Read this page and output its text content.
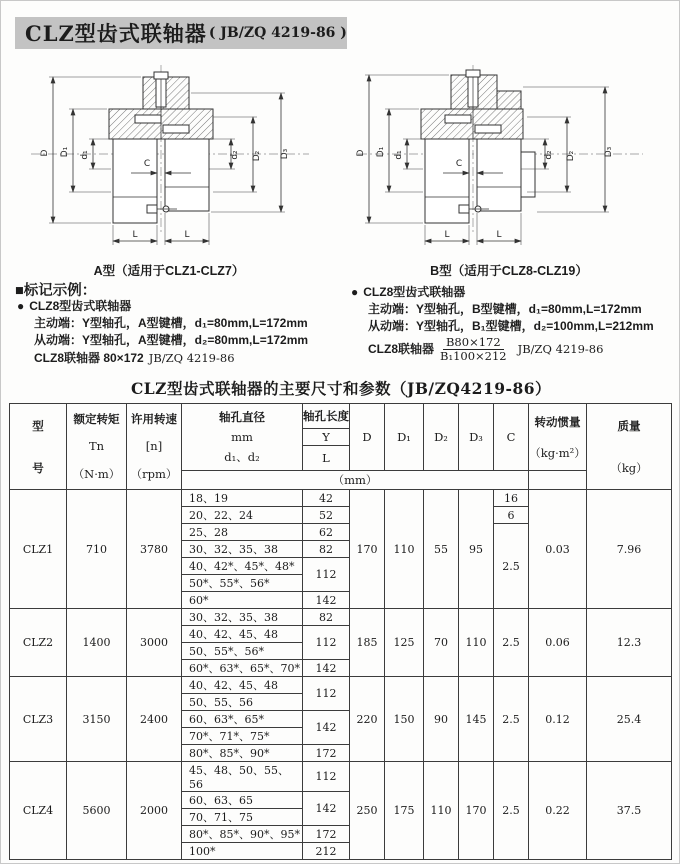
CLZ型齿式联轴器 ( JB/ZQ 4219-86 )
D D₁ d₁
C
d₂ D₂ D₃
L	L
A型（适用于CLZ1-CLZ7）
D D₁ d₁
C
d₂ D₂	D₃
L	L
B型（适用于CLZ8-CLZ19）
■标记示例：
● CLZ8型齿式联轴器
主动端：Y型轴孔，A型键槽，d₁=80mm,L=172mm
从动端：Y型轴孔，A型键槽，d₂=80mm,L=172mm
CLZ8联轴器 80×172 JB/ZQ 4219-86
● CLZ8型齿式联轴器
主动端：Y型轴孔，B型键槽，d₁=80mm,L=172mm
从动端：Y型轴孔，B₁型键槽，d₂=100mm,L=212mm
CLZ8联轴器 $\frac{B80\times 172}{\text{B₁100×212}} JB/ZQ$ 4219-86
CLZ型齿式联轴器的主要尺寸和参数（JB/ZQ4219-86）
型
号	额定转矩
Tn
（N·m）	许用转速
[n]
（rpm）	轴孔直径
mm
d₁、d₂	轴孔长度	D	D₁	D₂	D₃	C	转动惯量
（kg·m²）	质量
（kg）

				Y							
				L							
			（mm）								
CLZ1	710	3780	18、19	42	170	110	55	95	16	0.03	7.96
			20、22、24	52					6		
			25、28	62					2.5		
			30、32、35、38	82							
			40、42*、45*、48*	112							
			50*、55*、56*								
			60*	142							
CLZ2	1400	3000	30、32、35、38	82	185	125	70	110	2.5	0.06	12.3
			40、42、45、48	112							
			50、55*、56*								
			60*、63*、65*、70*	142							
CLZ3	3150	2400	40、42、45、48	112	220	150	90	145	2.5	0.12	25.4
			50、55、56								
			60、63*、65*	142							
			70*、71*、75*								
			80*、85*、90*	172							
CLZ4	5600	2000	45、48、50、55、56	112	250	175	110	170	2.5	0.22	37.5
			60、63、65	142							
			70、71、75								
			80*、85*、90*、95*	172							
			100*	212							
